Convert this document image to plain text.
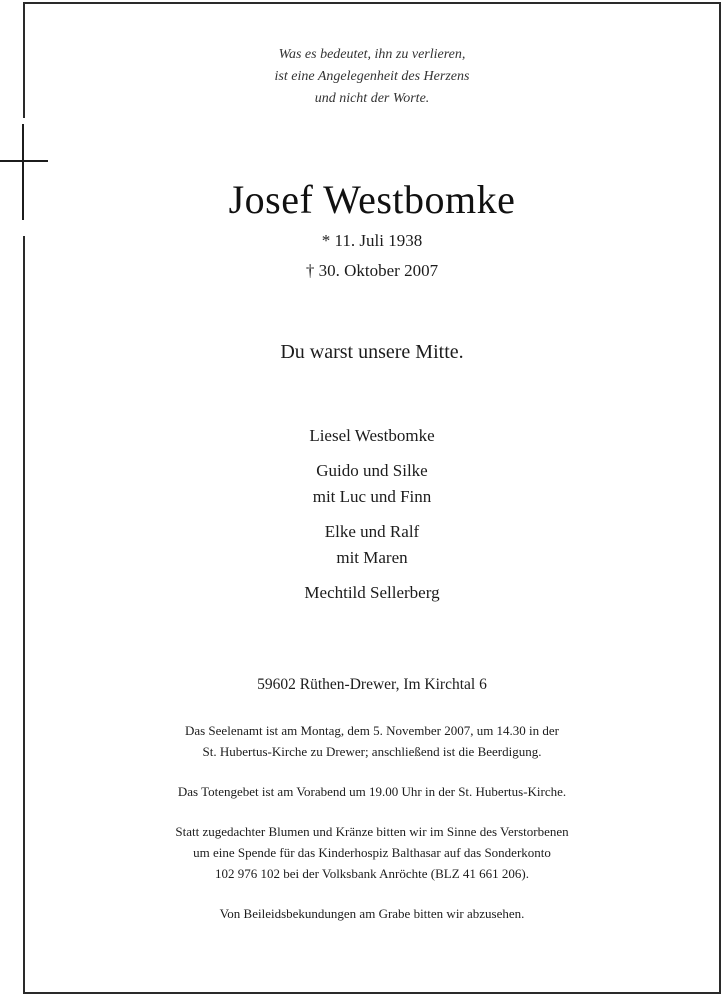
Was es bedeutet, ihn zu verlieren,
ist eine Angelegenheit des Herzens
und nicht der Worte.
Josef Westbomke
* 11. Juli 1938
† 30. Oktober 2007
Du warst unsere Mitte.
Liesel Westbomke
Guido und Silke
mit Luc und Finn
Elke und Ralf
mit Maren
Mechtild Sellerberg
59602 Rüthen-Drewer, Im Kirchtal 6
Das Seelenamt ist am Montag, dem 5. November 2007, um 14.30 in der
St. Hubertus-Kirche zu Drewer; anschließend ist die Beerdigung.
Das Totengebet ist am Vorabend um 19.00 Uhr in der St. Hubertus-Kirche.
Statt zugedachter Blumen und Kränze bitten wir im Sinne des Verstorbenen
um eine Spende für das Kinderhospiz Balthasar auf das Sonderkonto
102 976 102 bei der Volksbank Anröchte (BLZ 41 661 206).
Von Beileidsbekundungen am Grabe bitten wir abzusehen.
